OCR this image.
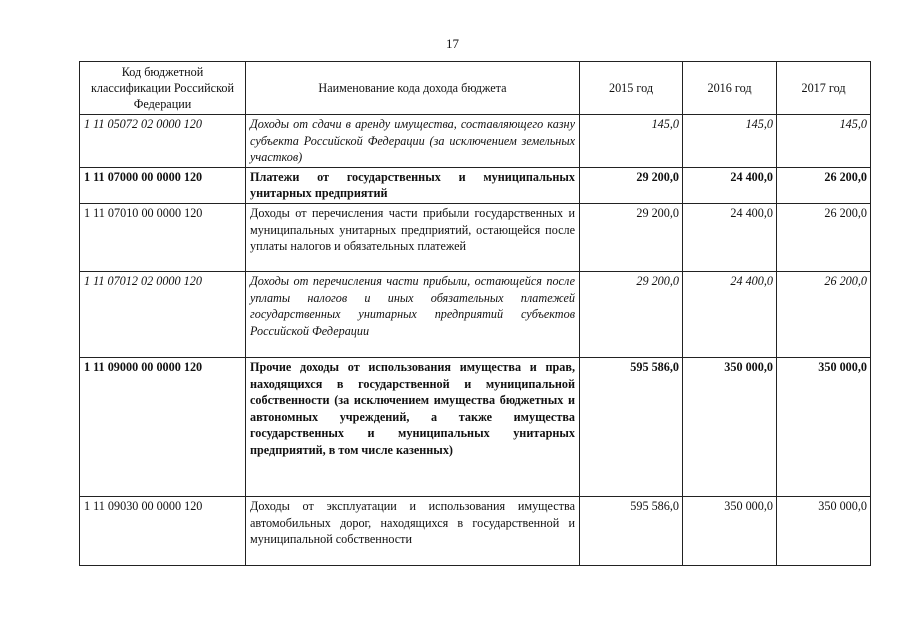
17
Код бюджетной классификации Российской Федерации	Наименование кода дохода бюджета	2015 год	2016 год	2017 год
1 11 05072 02 0000 120	Доходы от сдачи в аренду имущества, составляющего казну субъекта Российской Федерации (за исключением земельных участков)	145,0	145,0	145,0
1 11 07000 00 0000 120	Платежи от государственных и муниципальных унитарных предприятий	29 200,0	24 400,0	26 200,0
1 11 07010 00 0000 120	Доходы от перечисления части прибыли государственных и муниципальных унитарных предприятий, остающейся после уплаты налогов и обязательных платежей	29 200,0	24 400,0	26 200,0
1 11 07012 02 0000 120	Доходы от перечисления части прибыли, остающейся после уплаты налогов и иных обязательных платежей государственных унитарных предприятий субъектов Российской Федерации	29 200,0	24 400,0	26 200,0
1 11 09000 00 0000 120	Прочие доходы от использования имущества и прав, находящихся в государственной и муниципальной собственности (за исключением имущества бюджетных и автономных учреждений, а также имущества государственных и муниципальных унитарных предприятий, в том числе казенных)	595 586,0	350 000,0	350 000,0
1 11 09030 00 0000 120	Доходы от эксплуатации и использования имущества автомобильных дорог, находящихся в государственной и муниципальной собственности	595 586,0	350 000,0	350 000,0
